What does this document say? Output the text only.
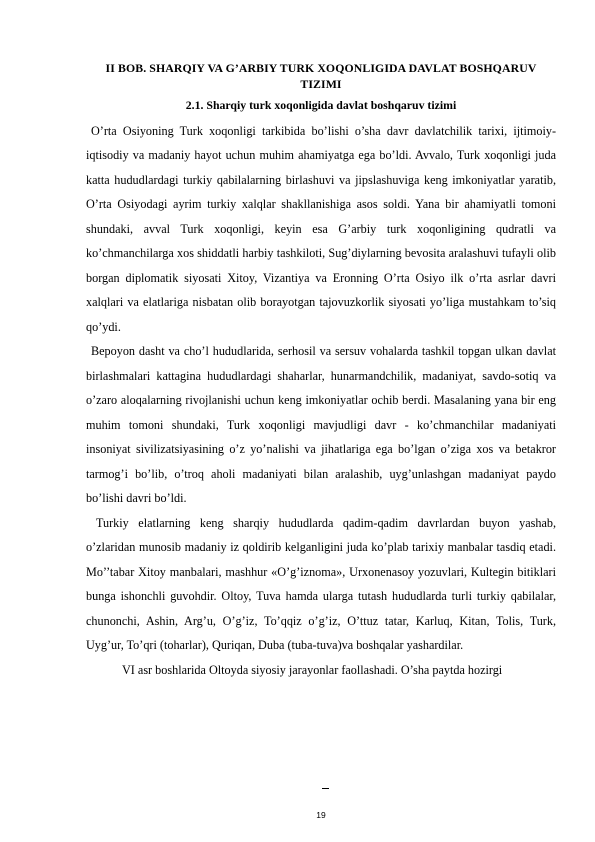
II BOB. SHARQIY VA G’ARBIY TURK XOQONLIGIDA DAVLAT BOSHQARUV TIZIMI
2.1. Sharqiy turk xoqonligida davlat boshqaruv tizimi

O’rta Osiyoning Turk xoqonligi tarkibida bo’lishi o’sha davr davlatchilik tarixi, ijtimoiy-iqtisodiy va madaniy hayot uchun muhim ahamiyatga ega bo’ldi. Avvalo, Turk xoqonligi juda katta hududlardagi turkiy qabilalarning birlashuvi va jipslashuviga keng imkoniyatlar yaratib, O’rta Osiyodagi ayrim turkiy xalqlar shakllanishiga asos soldi. Yana bir ahamiyatli tomoni shundaki, avval Turk xoqonligi, keyin esa G’arbiy turk xoqonligining qudratli va ko’chmanchilarga xos shiddatli harbiy tashkiloti, Sug’diylarning bevosita aralashuvi tufayli olib borgan diplomatik siyosati Xitoy, Vizantiya va Eronning O’rta Osiyo ilk o’rta asrlar davri xalqlari va elatlariga nisbatan olib borayotgan tajovuzkorlik siyosati yo’liga mustahkam to’siq qo’ydi.

Bepoyon dasht va cho’l hududlarida, serhosil va sersuv vohalarda tashkil topgan ulkan davlat birlashmalari kattagina hududlardagi shaharlar, hunarmandchilik, madaniyat, savdo-sotiq va o’zaro aloqalarning rivojlanishi uchun keng imkoniyatlar ochib berdi. Masalaning yana bir eng muhim tomoni shundaki, Turk xoqonligi mavjudligi davr - ko’chmanchilar madaniyati insoniyat sivilizatsiyasining o’z yo’nalishi va jihatlariga ega bo’lgan o’ziga xos va betakror tarmog’i bo’lib, o’troq aholi madaniyati bilan aralashib, uyg’unlashgan madaniyat paydo bo’lishi davri bo’ldi.

Turkiy elatlarning keng sharqiy hududlarda qadim-qadim davrlardan buyon yashab, o’zlaridan munosib madaniy iz qoldirib kelganligini juda ko’plab tarixiy manbalar tasdiq etadi. Mo’’tabar Xitoy manbalari, mashhur «O’g’iznoma», Urxonenasoy yozuvlari, Kultegin bitiklari bunga ishonchli guvohdir. Oltoy, Tuva hamda ularga tutash hududlarda turli turkiy qabilalar, chunonchi, Ashin, Arg’u, O’g’iz, To’qqiz o’g’iz, O’ttuz tatar, Karluq, Kitan, Tolis, Turk, Uyg’ur, To’qri (toharlar), Quriqan, Duba (tuba-tuva)va boshqalar yashardilar.

VI asr boshlarida Oltoyda siyosiy jarayonlar faollashadi. O’sha paytda hozirgi

19
